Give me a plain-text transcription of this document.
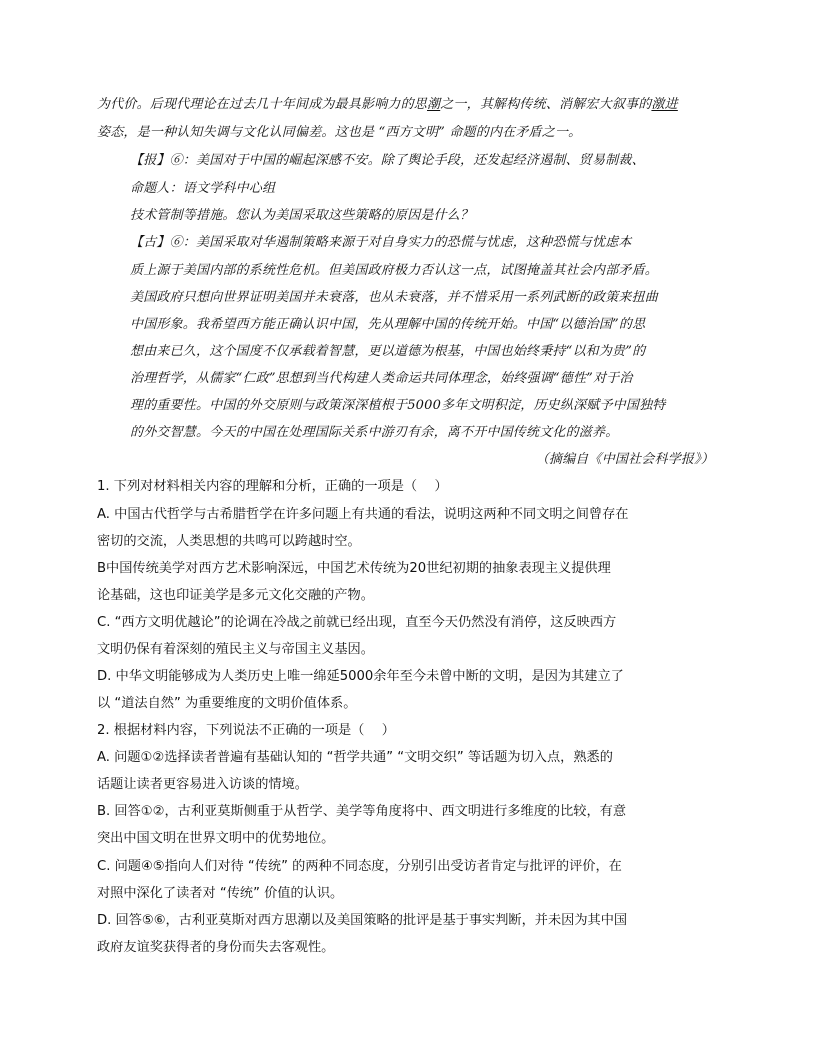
为代价。后现代理论在过去几十年间成为最具影响力的思潮之一，其解构传统、消解宏大叙事的激进
姿态，是一种认知失调与文化认同偏差。这也是 “西方文明” 命题的内在矛盾之一。
【报】⑥：美国对于中国的崛起深感不安。除了舆论手段，还发起经济遏制、贸易制裁、
命题人：语文学科中心组
技术管制等措施。您认为美国采取这些策略的原因是什么？
【古】⑥：美国采取对华遏制策略来源于对自身实力的恐慌与忧虑，这种恐慌与忧虑本
质上源于美国内部的系统性危机。但美国政府极力否认这一点，试图掩盖其社会内部矛盾。
美国政府只想向世界证明美国并未衰落，也从未衰落，并不惜采用一系列武断的政策来扭曲
中国形象。我希望西方能正确认识中国，先从理解中国的传统开始。中国“以德治国”的思
想由来已久，这个国度不仅承载着智慧，更以道德为根基，中国也始终秉持“以和为贵”的
治理哲学，从儒家“仁政”思想到当代构建人类命运共同体理念，始终强调“德性”对于治
理的重要性。中国的外交原则与政策深深植根于5000多年文明积淀，历史纵深赋予中国独特
的外交智慧。今天的中国在处理国际关系中游刃有余，离不开中国传统文化的滋养。
（摘编自《中国社会科学报》）
1. 下列对材料相关内容的理解和分析，正确的一项是（　 ）
A. 中国古代哲学与古希腊哲学在许多问题上有共通的看法，说明这两种不同文明之间曾存在
密切的交流，人类思想的共鸣可以跨越时空。
B中国传统美学对西方艺术影响深远，中国艺术传统为20世纪初期的抽象表现主义提供理
论基础，这也印证美学是多元文化交融的产物。
C. “西方文明优越论”的论调在冷战之前就已经出现，直至今天仍然没有消停，这反映西方
文明仍保有着深刻的殖民主义与帝国主义基因。
D. 中华文明能够成为人类历史上唯一绵延5000余年至今未曾中断的文明，是因为其建立了
以 “道法自然” 为重要维度的文明价值体系。
2. 根据材料内容，下列说法不正确的一项是（　 ）
A. 问题①②选择读者普遍有基础认知的 “哲学共通” “文明交织” 等话题为切入点，熟悉的
话题让读者更容易进入访谈的情境。
B. 回答①②，古利亚莫斯侧重于从哲学、美学等角度将中、西文明进行多维度的比较，有意
突出中国文明在世界文明中的优势地位。
C. 问题④⑤指向人们对待 “传统” 的两种不同态度，分别引出受访者肯定与批评的评价，在
对照中深化了读者对 “传统” 价值的认识。
D. 回答⑤⑥，古利亚莫斯对西方思潮以及美国策略的批评是基于事实判断，并未因为其中国
政府友谊奖获得者的身份而失去客观性。
